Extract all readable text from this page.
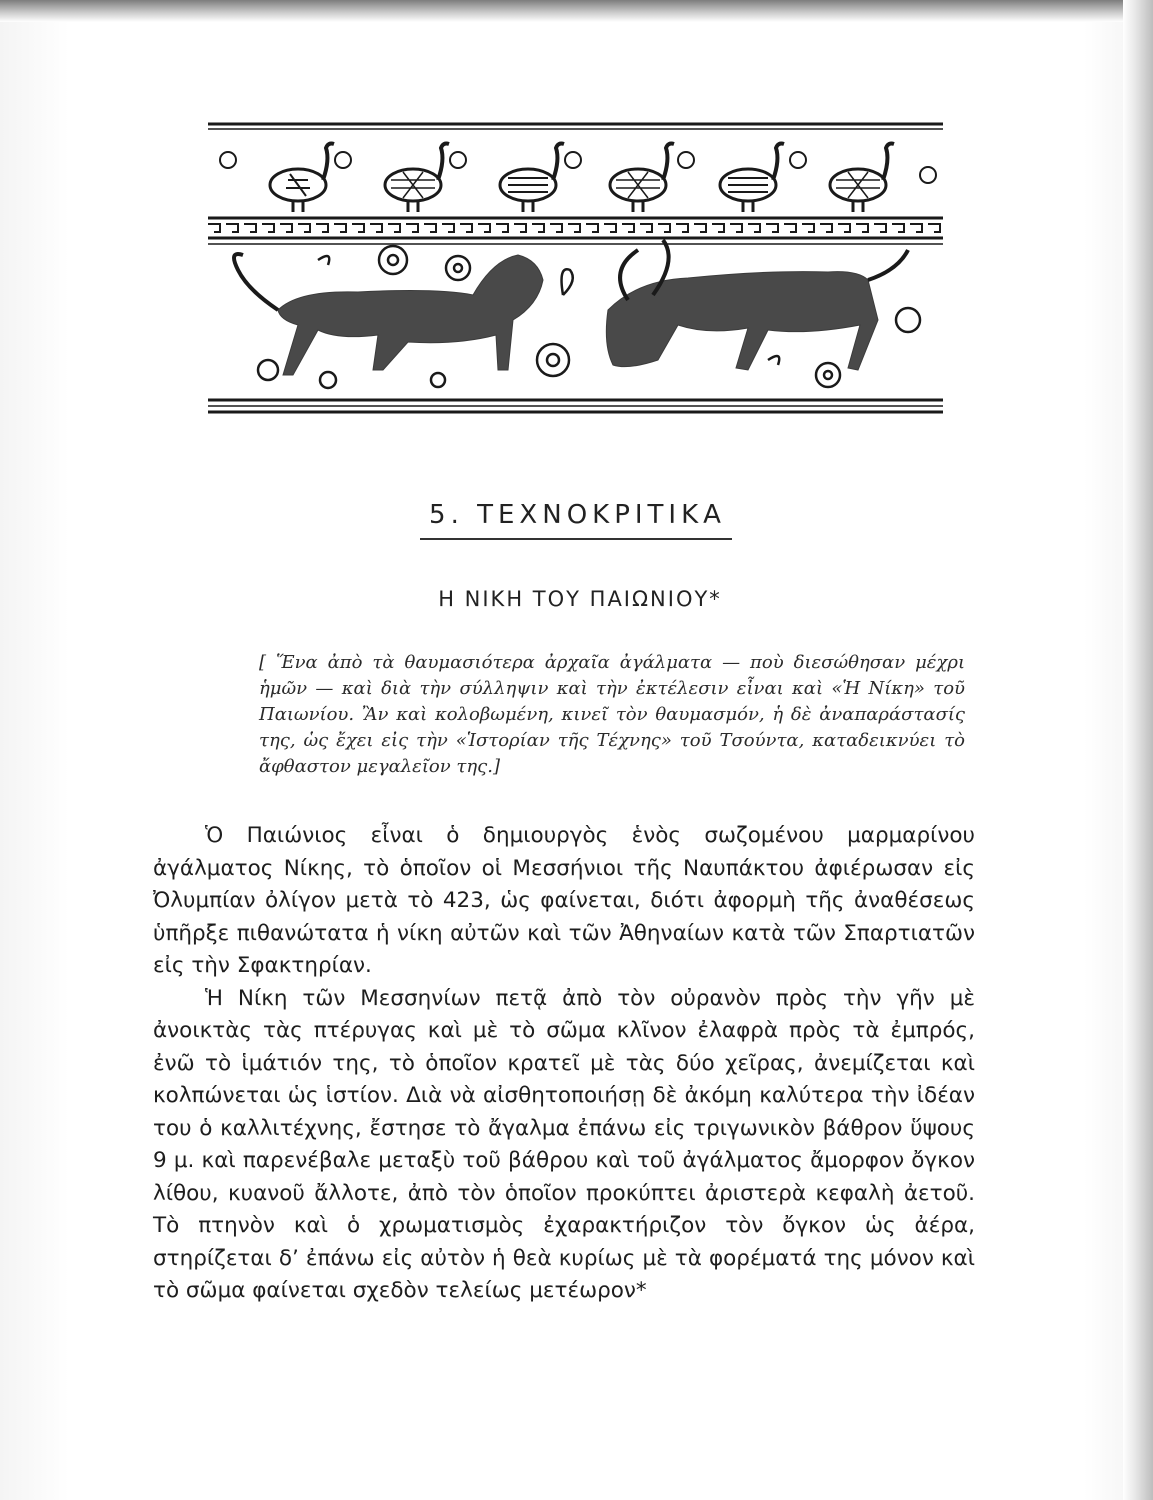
5. ΤΕΧΝΟΚΡΙΤΙΚΑ
Η ΝΙΚΗ ΤΟΥ ΠΑΙΩΝΙΟΥ*
[ Ἕνα ἀπὸ τὰ θαυμασιότερα ἀρχαῖα ἀγάλματα — ποὺ διεσώθησαν μέχρι ἡμῶν — καὶ διὰ τὴν σύλληψιν καὶ τὴν ἐκτέλεσιν εἶναι καὶ «Ἡ Νίκη» τοῦ Παιωνίου. Ἂν καὶ κολοβωμένη, κινεῖ τὸν θαυμασμόν, ἡ δὲ ἀναπαράστασίς της, ὡς ἔχει εἰς τὴν «Ἱστορίαν τῆς Τέχνης» τοῦ Τσούντα, καταδεικνύει τὸ ἄφθαστον μεγαλεῖον της.]

Ὁ Παιώνιος εἶναι ὁ δημιουργὸς ἑνὸς σωζομένου μαρμαρίνου ἀγάλματος Νίκης, τὸ ὁποῖον οἱ Μεσσήνιοι τῆς Ναυπάκτου ἀφιέρωσαν εἰς Ὀλυμπίαν ὀλίγον μετὰ τὸ 423, ὡς φαίνεται, διότι ἀφορμὴ τῆς ἀναθέσεως ὑπῆρξε πιθανώτατα ἡ νίκη αὐτῶν καὶ τῶν Ἀθηναίων κατὰ τῶν Σπαρτιατῶν εἰς τὴν Σφακτηρίαν.

Ἡ Νίκη τῶν Μεσσηνίων πετᾷ ἀπὸ τὸν οὐρανὸν πρὸς τὴν γῆν μὲ ἀνοικτὰς τὰς πτέρυγας καὶ μὲ τὸ σῶμα κλῖνον ἐλαφρὰ πρὸς τὰ ἐμπρός, ἐνῶ τὸ ἱμάτιόν της, τὸ ὁποῖον κρατεῖ μὲ τὰς δύο χεῖρας, ἀνεμίζεται καὶ κολπώνεται ὡς ἱστίον. Διὰ νὰ αἰσθητοποιήσῃ δὲ ἀκόμη καλύτερα τὴν ἰδέαν του ὁ καλλιτέχνης, ἔστησε τὸ ἄγαλμα ἐπάνω εἰς τριγωνικὸν βάθρον ὕψους 9 μ. καὶ παρενέβαλε μεταξὺ τοῦ βάθρου καὶ τοῦ ἀγάλματος ἄμορφον ὄγκον λίθου, κυανοῦ ἄλλοτε, ἀπὸ τὸν ὁποῖον προκύπτει ἀριστερὰ κεφαλὴ ἀετοῦ. Τὸ πτηνὸν καὶ ὁ χρωματισμὸς ἐχαρακτήριζον τὸν ὄγκον ὡς ἀέρα, στηρίζεται δ’ ἐπάνω εἰς αὐτὸν ἡ θεὰ κυρίως μὲ τὰ φορέματά της μόνον καὶ τὸ σῶμα φαίνεται σχεδὸν τελείως μετέωρον*
